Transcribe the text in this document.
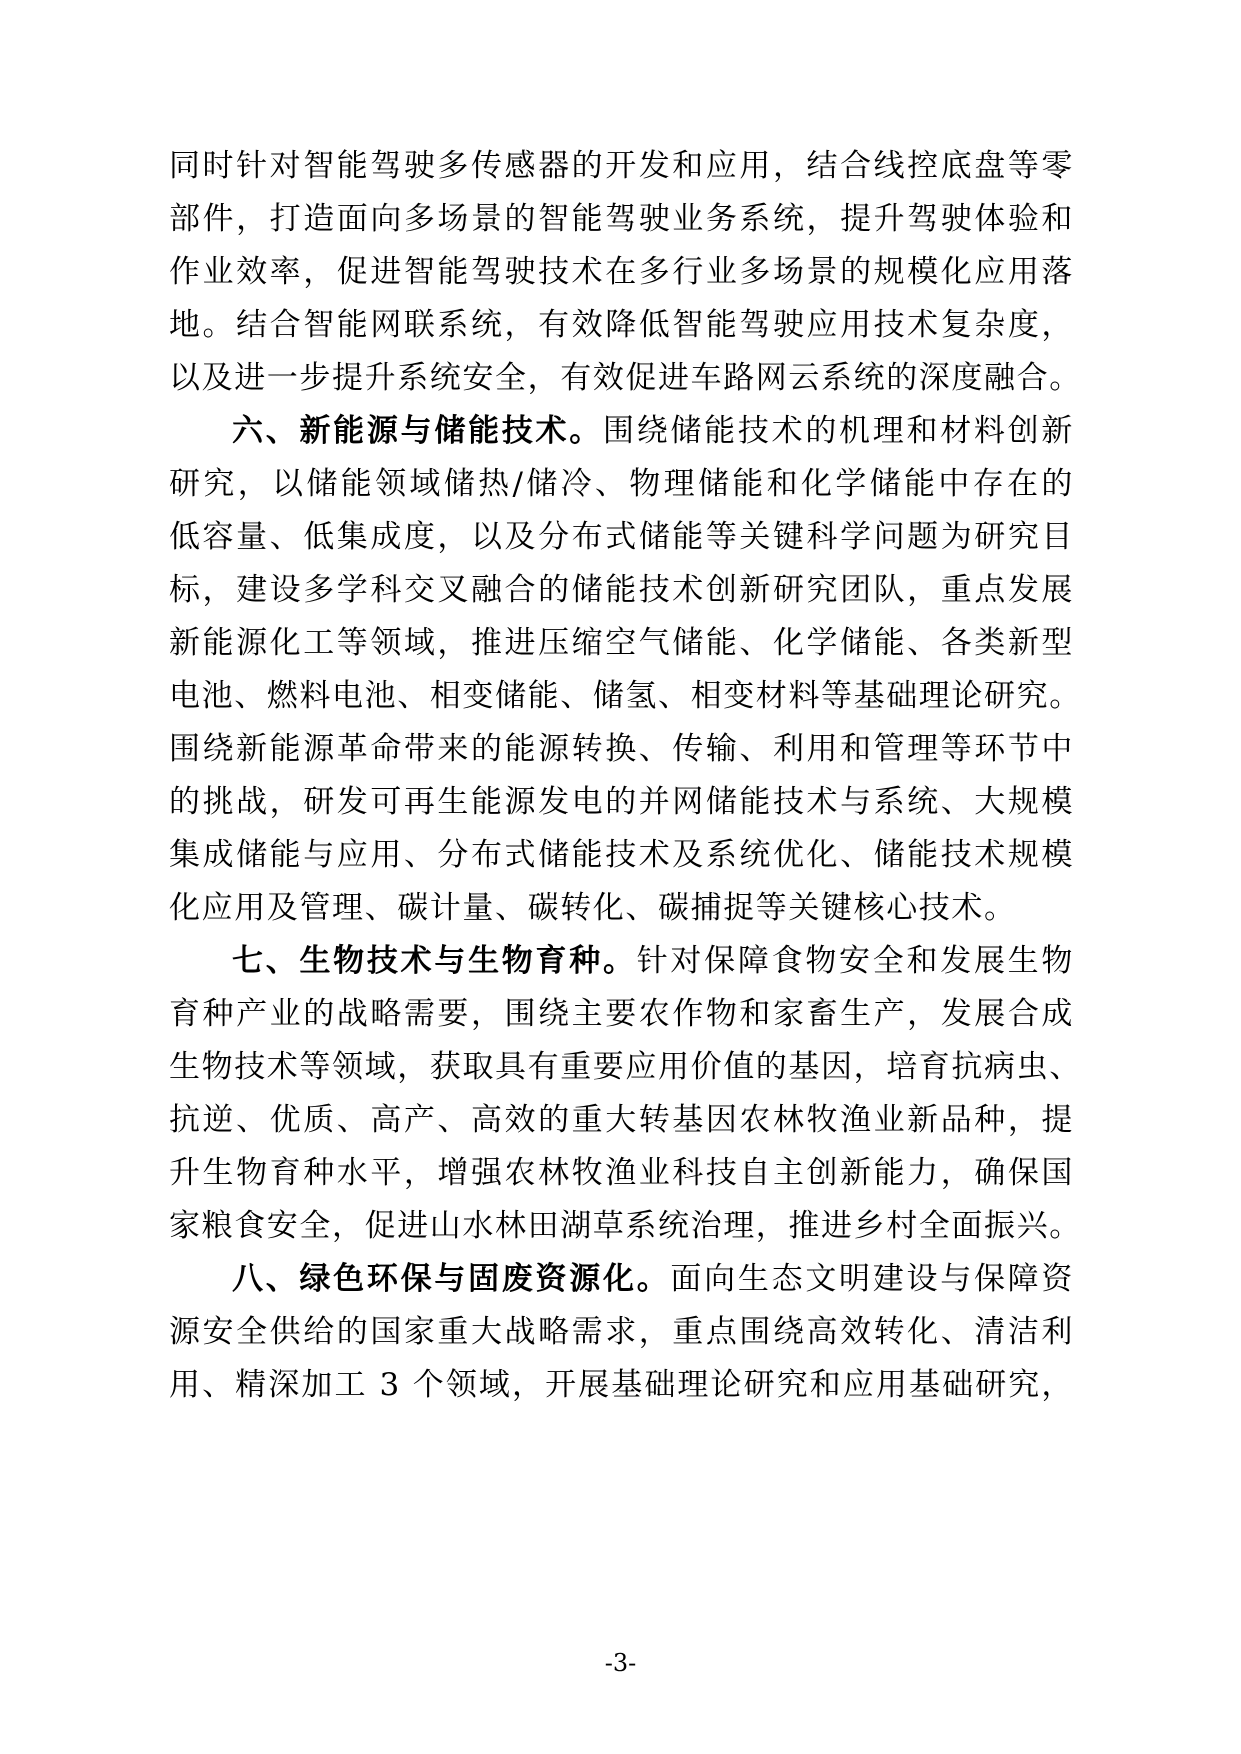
同时针对智能驾驶多传感器的开发和应用，结合线控底盘等零
部件，打造面向多场景的智能驾驶业务系统，提升驾驶体验和
作业效率，促进智能驾驶技术在多行业多场景的规模化应用落
地。结合智能网联系统，有效降低智能驾驶应用技术复杂度，
以及进一步提升系统安全，有效促进车路网云系统的深度融合。
六、新能源与储能技术。围绕储能技术的机理和材料创新
研究，以储能领域储热/储冷、物理储能和化学储能中存在的
低容量、低集成度，以及分布式储能等关键科学问题为研究目
标，建设多学科交叉融合的储能技术创新研究团队，重点发展
新能源化工等领域，推进压缩空气储能、化学储能、各类新型
电池、燃料电池、相变储能、储氢、相变材料等基础理论研究。
围绕新能源革命带来的能源转换、传输、利用和管理等环节中
的挑战，研发可再生能源发电的并网储能技术与系统、大规模
集成储能与应用、分布式储能技术及系统优化、储能技术规模
化应用及管理、碳计量、碳转化、碳捕捉等关键核心技术。
七、生物技术与生物育种。针对保障食物安全和发展生物
育种产业的战略需要，围绕主要农作物和家畜生产，发展合成
生物技术等领域，获取具有重要应用价值的基因，培育抗病虫、
抗逆、优质、高产、高效的重大转基因农林牧渔业新品种，提
升生物育种水平，增强农林牧渔业科技自主创新能力，确保国
家粮食安全，促进山水林田湖草系统治理，推进乡村全面振兴。
八、绿色环保与固废资源化。面向生态文明建设与保障资
源安全供给的国家重大战略需求，重点围绕高效转化、清洁利
用、精深加工 3 个领域，开展基础理论研究和应用基础研究，
-3-
